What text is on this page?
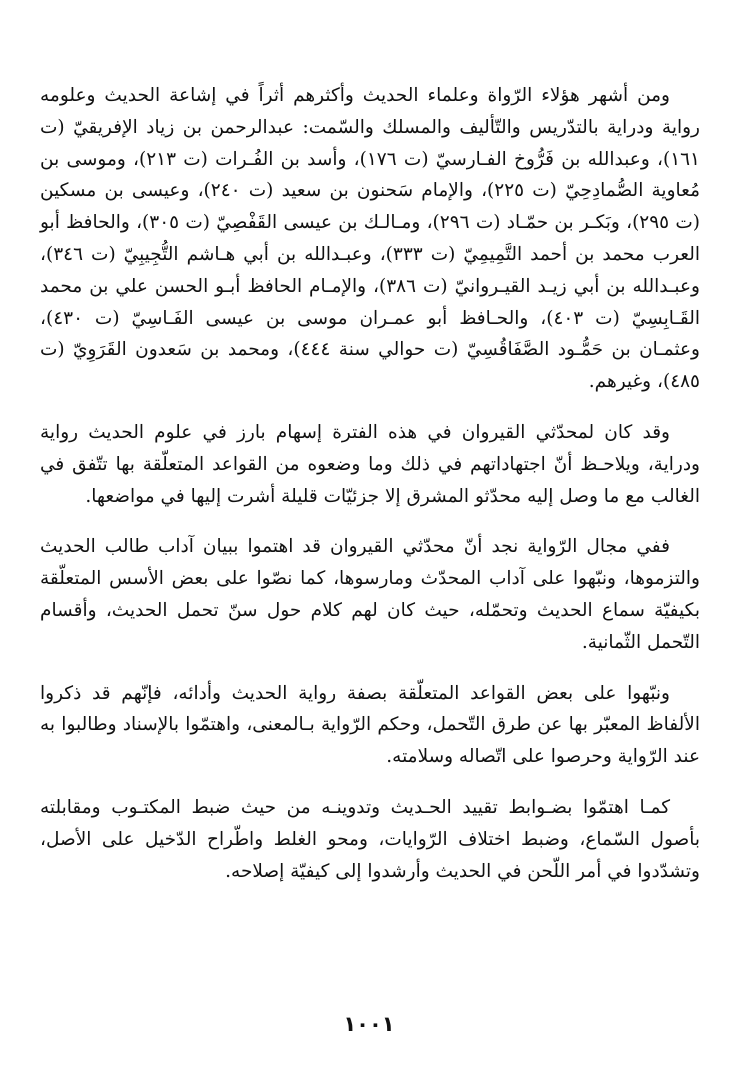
ومن أشهر هؤلاء الرّواة وعلماء الحديث وأكثرهم أثراً في إشاعة الحديث وعلومه رواية ودراية بالتدّريس والتّأليف والمسلك والسّمت: عبدالرحمن بن زياد الإفريقيّ (ت ١٦١)، وعبدالله بن فَرُّوخ الفـارسيّ (ت ١٧٦)، وأسد بن الفُـرات (ت ٢١٣)، وموسى بن مُعاوية الصُّمادِحِيّ (ت ٢٢٥)، والإمام سَحنون بن سعيد (ت ٢٤٠)، وعيسى بن مسكين (ت ٢٩٥)، وبَكـر بن حمّـاد (ت ٢٩٦)، ومـالـك بن عيسى القَفْصِيّ (ت ٣٠٥)، والحافظ أبو العرب محمد بن أحمد التَّمِيمِيّ (ت ٣٣٣)، وعبـدالله بن أبي هـاشم التُّجِيبِيّ (ت ٣٤٦)، وعبـدالله بن أبي زيـد القيـروانيّ (ت ٣٨٦)، والإمـام الحافظ أبـو الحسن علي بن محمد القَـابِسِيّ (ت ٤٠٣)، والحـافظ أبو عمـران موسى بن عيسى الفَـاسِيّ (ت ٤٣٠)، وعثمـان بن حَمُّـود الصَّفَاقُسِيّ (ت حوالي سنة ٤٤٤)، ومحمد بن سَعدون القَرَوِيّ (ت ٤٨٥)، وغيرهم.

وقد كان لمحدّثي القيروان في هذه الفترة إسهام بارز في علوم الحديث رواية ودراية، ويلاحـظ أنّ اجتهاداتهم في ذلك وما وضعوه من القواعد المتعلّقة بها تتّفق في الغالب مع ما وصل إليه محدّثو المشرق إلا جزئيّات قليلة أشرت إليها في مواضعها.

ففي مجال الرّواية نجد أنّ محدّثي القيروان قد اهتموا ببيان آداب طالب الحديث والتزموها، ونبّهوا على آداب المحدّث ومارسوها، كما نصّوا على بعض الأسس المتعلّقة بكيفيّة سماع الحديث وتحمّله، حيث كان لهم كلام حول سنّ تحمل الحديث، وأقسام التّحمل الثّمانية.

ونبّهوا على بعض القواعد المتعلّقة بصفة رواية الحديث وأدائه، فإنّهم قد ذكروا الألفاظ المعبّر بها عن طرق التّحمل، وحكم الرّواية بـالمعنى، واهتمّوا بالإسناد وطالبوا به عند الرّواية وحرصوا على اتّصاله وسلامته.

كمـا اهتمّوا بضـوابط تقييد الحـديث وتدوينـه من حيث ضبط المكتـوب ومقابلته بأصول السّماع، وضبط اختلاف الرّوايات، ومحو الغلط واطّراح الدّخيل على الأصل، وتشدّدوا في أمر اللّحن في الحديث وأرشدوا إلى كيفيّة إصلاحه.

١٠٠١
